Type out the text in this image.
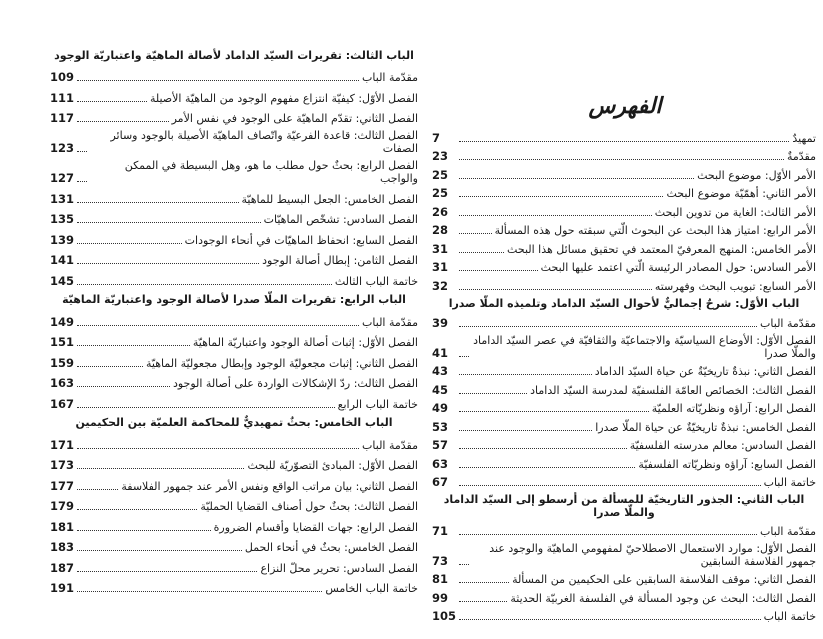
الفهرس
الباب الثالث: تقريرات السيّد الداماد لأصالة الماهيّة واعتباريّة الوجود
مقدّمة الباب
109
الفصل الأوّل: كيفيّة انتزاع مفهوم الوجود من الماهيّة الأصيلة
111
الفصل الثاني: تقدّم الماهيّة على الوجود في نفس الأمر
117
الفصل الثالث: قاعدة الفرعيّة واتّصاف الماهيّة الأصيلة بالوجود وسائر الصفات
123
الفصل الرابع: بحثٌ حول مطلب ما هو، وهل البسيطة في الممكن والواجب
127
الفصل الخامس: الجعل البسيط للماهيّة
131
الفصل السادس: تشخّص الماهيّات
135
الفصل السابع: انحفاظ الماهيّات في أنحاء الوجودات
139
الفصل الثامن: إبطال أصالة الوجود
141
خاتمة الباب الثالث
145
الباب الرابع: تقريرات الملّا صدرا لأصالة الوجود واعتباريّة الماهيّة
مقدّمة الباب
149
الفصل الأوّل: إثبات أصالة الوجود واعتباريّة الماهيّة
151
الفصل الثاني: إثبات مجعوليّة الوجود وإبطال مجعوليّة الماهيّة
159
الفصل الثالث: ردّ الإشكالات الواردة على أصالة الوجود
163
خاتمة الباب الرابع
167
الباب الخامس: بحثٌ تمهيديٌّ للمحاكمة العلميّة بين الحكيمين
مقدّمة الباب
171
الفصل الأوّل: المبادئ التصوّريّة للبحث
173
الفصل الثاني: بيان مراتب الواقع ونفس الأمر عند جمهور الفلاسفة
177
الفصل الثالث: بحثٌ حول أصناف القضايا الحمليّة
179
الفصل الرابع: جهات القضايا وأقسام الضرورة
181
الفصل الخامس: بحثٌ في أنحاء الحمل
183
الفصل السادس: تحرير محلّ النزاع
187
خاتمة الباب الخامس
191
تمهيدٌ
7
مقدّمةٌ
23
الأمر الأوّل: موضوع البحث
25
الأمر الثاني: أهمّيّة موضوع البحث
25
الأمر الثالث: الغاية من تدوين البحث
26
الأمر الرابع: امتياز هذا البحث عن البحوث الّتي سبقته حول هذه المسألة
28
الأمر الخامس: المنهج المعرفيّ المعتمد في تحقيق مسائل هذا البحث
31
الأمر السادس: حول المصادر الرئيسة الّتي اعتمد عليها البحث
31
الأمر السابع: تبويب البحث وفهرسته
32
الباب الأوّل: شرحٌ إجماليٌّ لأحوال السيّد الداماد وتلميذه الملّا صدرا
مقدّمة الباب
39
الفصل الأوّل: الأوضاع السياسيّة والاجتماعيّة والثقافيّة في عصر السيّد الداماد والملّا صدرا
41
الفصل الثاني: نبذةٌ تاريخيّةٌ عن حياة السيّد الداماد
43
الفصل الثالث: الخصائص العامّة الفلسفيّة لمدرسة السيّد الداماد
45
الفصل الرابع: آراؤه ونظريّاته العلميّة
49
الفصل الخامس: نبذةٌ تاريخيّةٌ عن حياة الملّا صدرا
53
الفصل السادس: معالم مدرسته الفلسفيّة
57
الفصل السابع: آراؤه ونظريّاته الفلسفيّة
63
خاتمة الباب
67
الباب الثاني: الجذور التاريخيّة للمسألة من أرسطو إلى السيّد الداماد والملّا صدرا
مقدّمة الباب
71
الفصل الأوّل: موارد الاستعمال الاصطلاحيّ لمفهومي الماهيّة والوجود عند جمهور الفلاسفة السابقين
73
الفصل الثاني: موقف الفلاسفة السابقين على الحكيمين من المسألة
81
الفصل الثالث: البحث عن وجود المسألة في الفلسفة الغربيّة الحديثة
99
خاتمة الباب
105
